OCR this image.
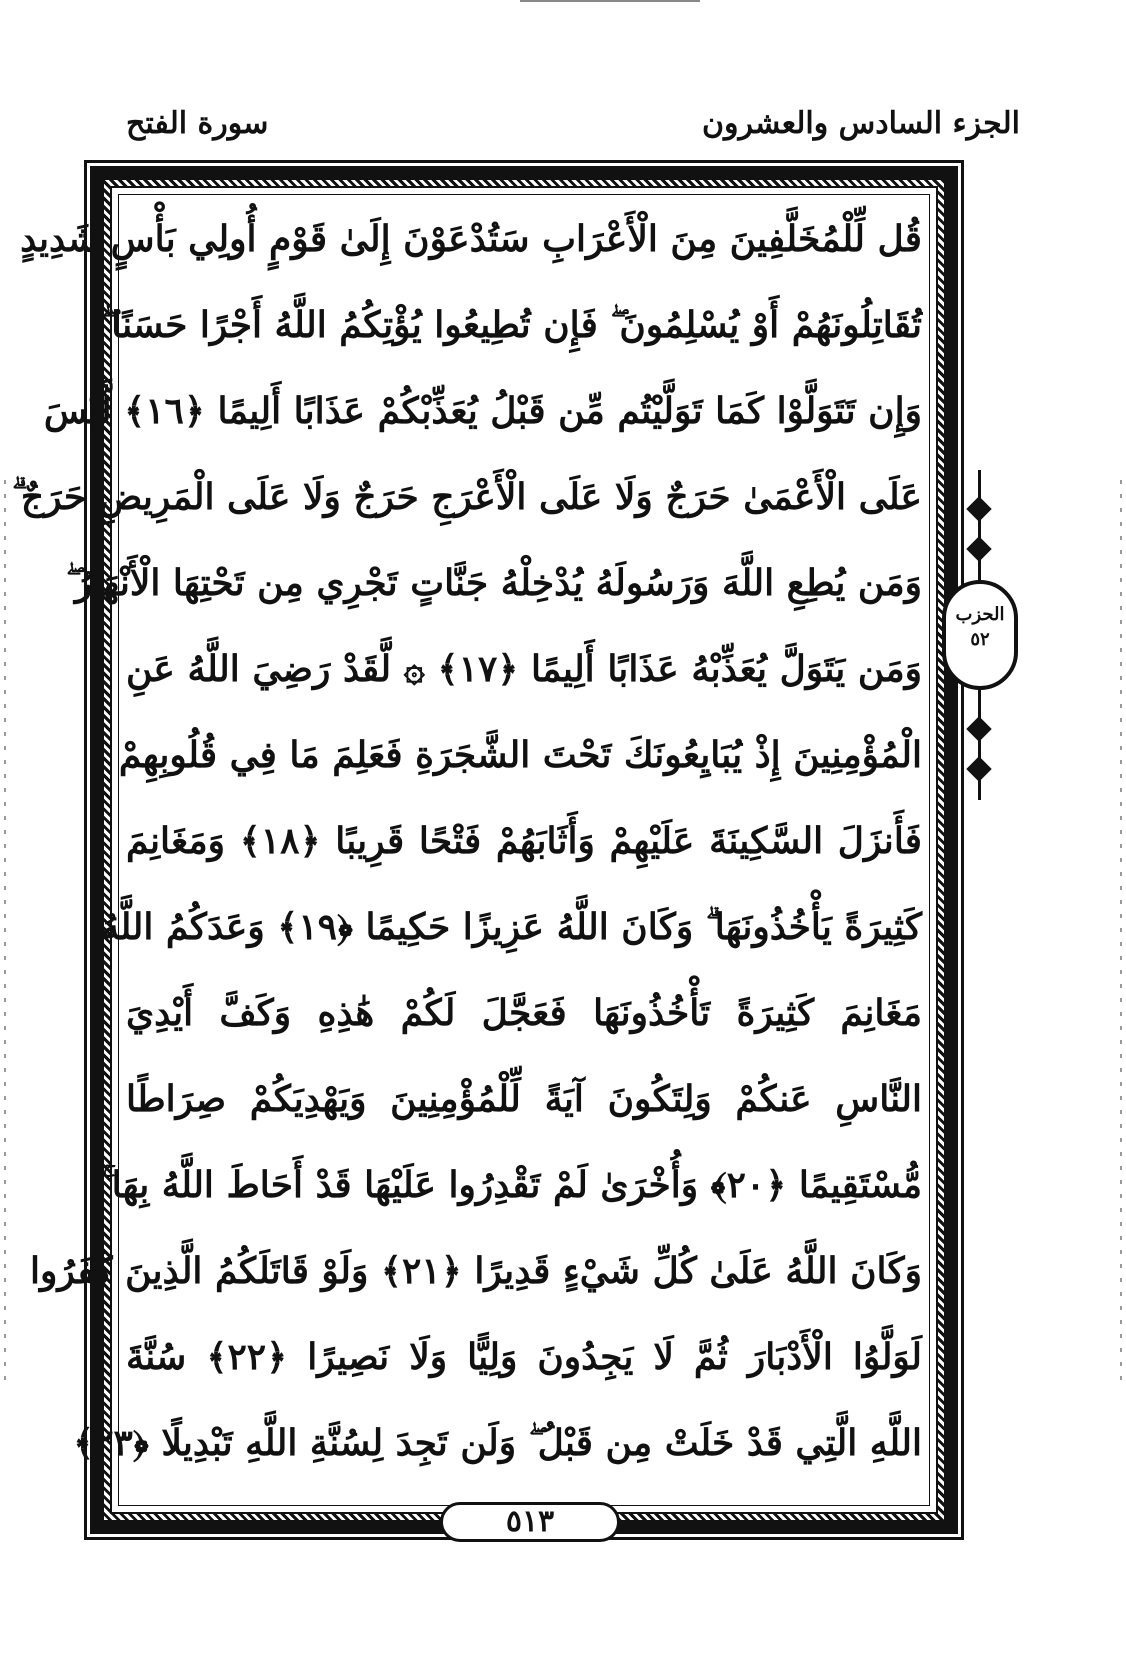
سورة الفتح	الجزء السادس والعشرون
قُل لِّلْمُخَلَّفِينَ مِنَ الْأَعْرَابِ سَتُدْعَوْنَ إِلَىٰ قَوْمٍ أُولِي بَأْسٍ شَدِيدٍ
تُقَاتِلُونَهُمْ أَوْ يُسْلِمُونَ ۖ فَإِن تُطِيعُوا يُؤْتِكُمُ اللَّهُ أَجْرًا حَسَنًا ۖ
وَإِن تَتَوَلَّوْا كَمَا تَوَلَّيْتُم مِّن قَبْلُ يُعَذِّبْكُمْ عَذَابًا أَلِيمًا ﴿١٦﴾ لَّيْسَ
عَلَى الْأَعْمَىٰ حَرَجٌ وَلَا عَلَى الْأَعْرَجِ حَرَجٌ وَلَا عَلَى الْمَرِيضِ حَرَجٌ ۗ
وَمَن يُطِعِ اللَّهَ وَرَسُولَهُ يُدْخِلْهُ جَنَّاتٍ تَجْرِي مِن تَحْتِهَا الْأَنْهَارُ ۖ
وَمَن يَتَوَلَّ يُعَذِّبْهُ عَذَابًا أَلِيمًا ﴿١٧﴾ ۞ لَّقَدْ رَضِيَ اللَّهُ عَنِ
الْمُؤْمِنِينَ إِذْ يُبَايِعُونَكَ تَحْتَ الشَّجَرَةِ فَعَلِمَ مَا فِي قُلُوبِهِمْ
فَأَنزَلَ السَّكِينَةَ عَلَيْهِمْ وَأَثَابَهُمْ فَتْحًا قَرِيبًا ﴿١٨﴾ وَمَغَانِمَ
كَثِيرَةً يَأْخُذُونَهَا ۗ وَكَانَ اللَّهُ عَزِيزًا حَكِيمًا ﴿١٩﴾ وَعَدَكُمُ اللَّهُ
مَغَانِمَ كَثِيرَةً تَأْخُذُونَهَا فَعَجَّلَ لَكُمْ هَٰذِهِ وَكَفَّ أَيْدِيَ
النَّاسِ عَنكُمْ وَلِتَكُونَ آيَةً لِّلْمُؤْمِنِينَ وَيَهْدِيَكُمْ صِرَاطًا
مُّسْتَقِيمًا ﴿٢٠﴾ وَأُخْرَىٰ لَمْ تَقْدِرُوا عَلَيْهَا قَدْ أَحَاطَ اللَّهُ بِهَا ۚ
وَكَانَ اللَّهُ عَلَىٰ كُلِّ شَيْءٍ قَدِيرًا ﴿٢١﴾ وَلَوْ قَاتَلَكُمُ الَّذِينَ كَفَرُوا
لَوَلَّوُا الْأَدْبَارَ ثُمَّ لَا يَجِدُونَ وَلِيًّا وَلَا نَصِيرًا ﴿٢٢﴾ سُنَّةَ
اللَّهِ الَّتِي قَدْ خَلَتْ مِن قَبْلُ ۖ وَلَن تَجِدَ لِسُنَّةِ اللَّهِ تَبْدِيلًا ﴿٢٣﴾
الحزب
٥٢
٥١٣
